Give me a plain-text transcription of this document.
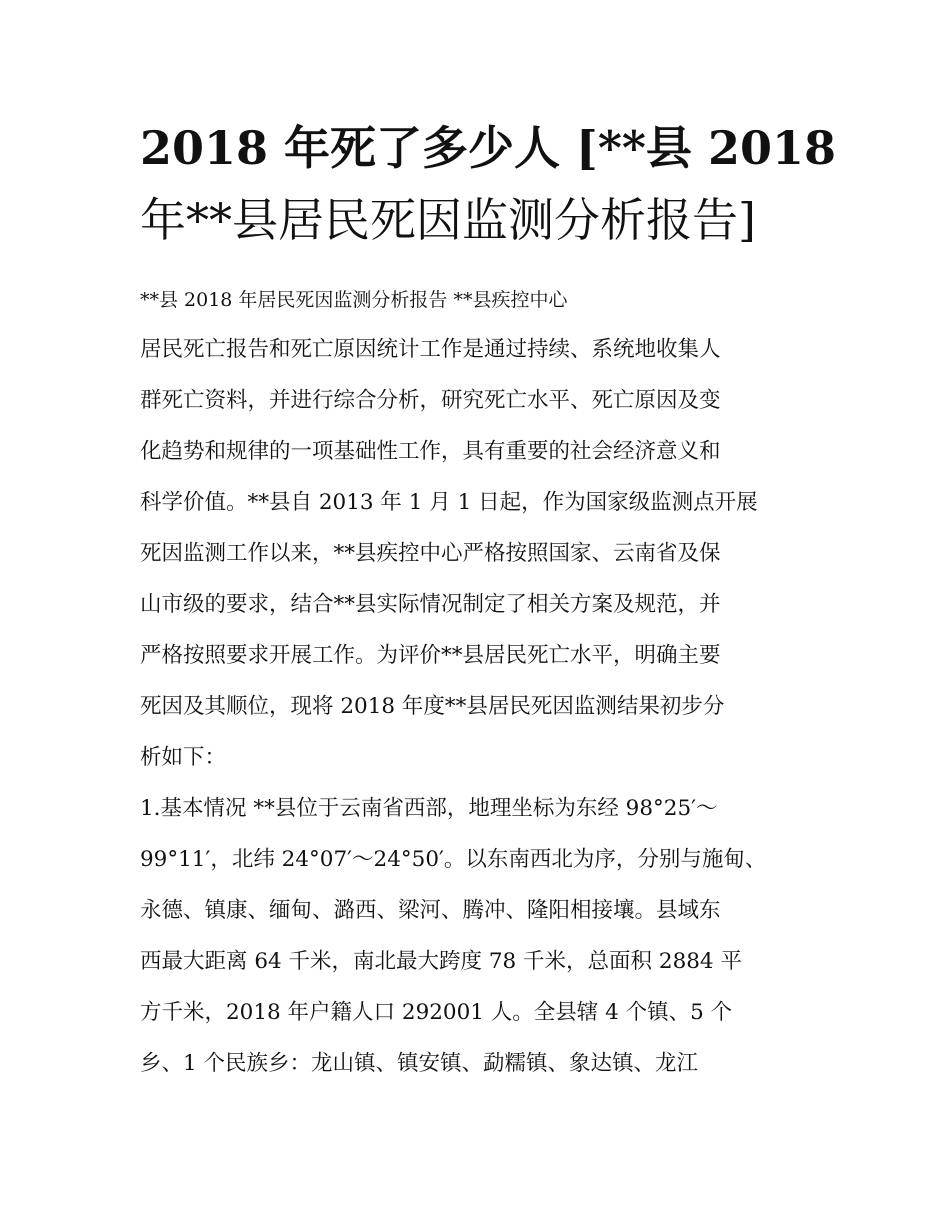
2018 年死了多少人 [**县 2018
年**县居民死因监测分析报告]
**县 2018 年居民死因监测分析报告 **县疾控中心
居民死亡报告和死亡原因统计工作是通过持续、系统地收集人
群死亡资料，并进行综合分析，研究死亡水平、死亡原因及变
化趋势和规律的一项基础性工作，具有重要的社会经济意义和
科学价值。**县自 2013 年 1 月 1 日起，作为国家级监测点开展
死因监测工作以来，**县疾控中心严格按照国家、云南省及保
山市级的要求，结合**县实际情况制定了相关方案及规范，并
严格按照要求开展工作。为评价**县居民死亡水平，明确主要
死因及其顺位，现将 2018 年度**县居民死因监测结果初步分
析如下：
1.基本情况 **县位于云南省西部，地理坐标为东经 98°25′～
99°11′，北纬 24°07′～24°50′。以东南西北为序，分别与施甸、
永德、镇康、缅甸、潞西、梁河、腾冲、隆阳相接壤。县域东
西最大距离 64 千米，南北最大跨度 78 千米，总面积 2884 平
方千米，2018 年户籍人口 292001 人。全县辖 4 个镇、5 个
乡、1 个民族乡：龙山镇、镇安镇、勐糯镇、象达镇、龙江
